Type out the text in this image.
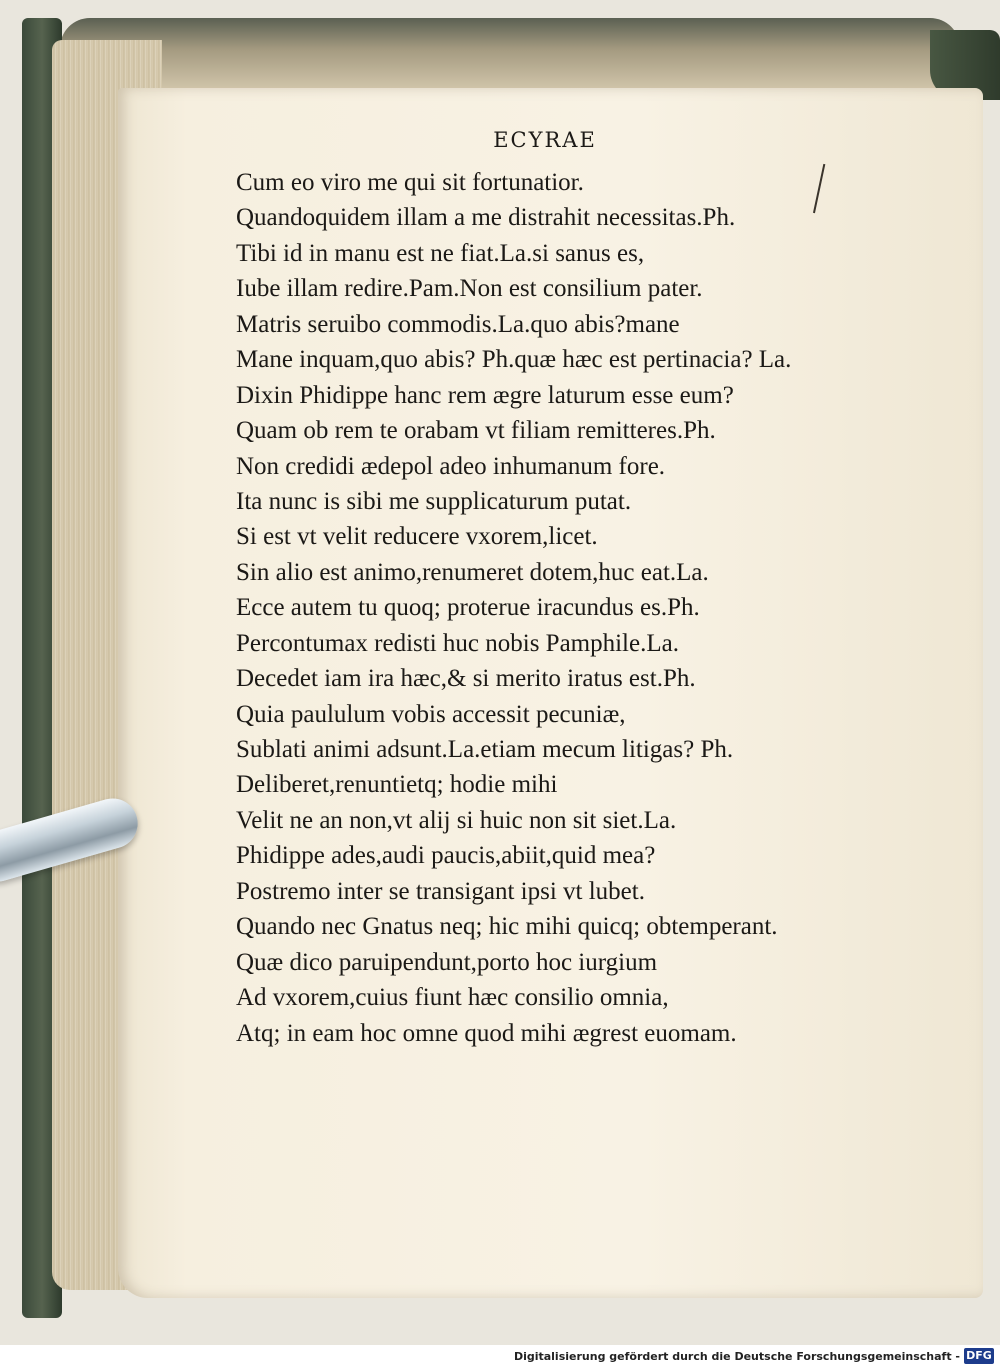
ECYRAE
Cum eo viro me qui sit fortunatior.
Quandoquidem illam a me distrahit necessitas.Ph.
Tibi id in manu est ne fiat.La.si sanus es,
Iube illam redire.Pam.Non est consilium pater.
Matris seruibo commodis.La.quo abis?mane
Mane inquam,quo abis? Ph.quæ hæc est pertinacia? La.
Dixin Phidippe hanc rem ægre laturum esse eum?
Quam ob rem te orabam vt filiam remitteres.Ph.
Non credidi ædepol adeo inhumanum fore.
Ita nunc is sibi me supplicaturum putat.
Si est vt velit reducere vxorem,licet.
Sin alio est animo,renumeret dotem,huc eat.La.
Ecce autem tu quoq; proterue iracundus es.Ph.
Percontumax redisti huc nobis Pamphile.La.
Decedet iam ira hæc,& si merito iratus est.Ph.
Quia paululum vobis accessit pecuniæ,
Sublati animi adsunt.La.etiam mecum litigas? Ph.
Deliberet,renuntietq; hodie mihi
Velit ne an non,vt alij si huic non sit siet.La.
Phidippe ades,audi paucis,abiit,quid mea?
Postremo inter se transigant ipsi vt lubet.
Quando nec Gnatus neq; hic mihi quicq; obtemperant.
Quæ dico paruipendunt,porto hoc iurgium
Ad vxorem,cuius fiunt hæc consilio omnia,
Atq; in eam hoc omne quod mihi ægrest euomam.
Digitalisierung gefördert durch die Deutsche Forschungsgemeinschaft - DFG
